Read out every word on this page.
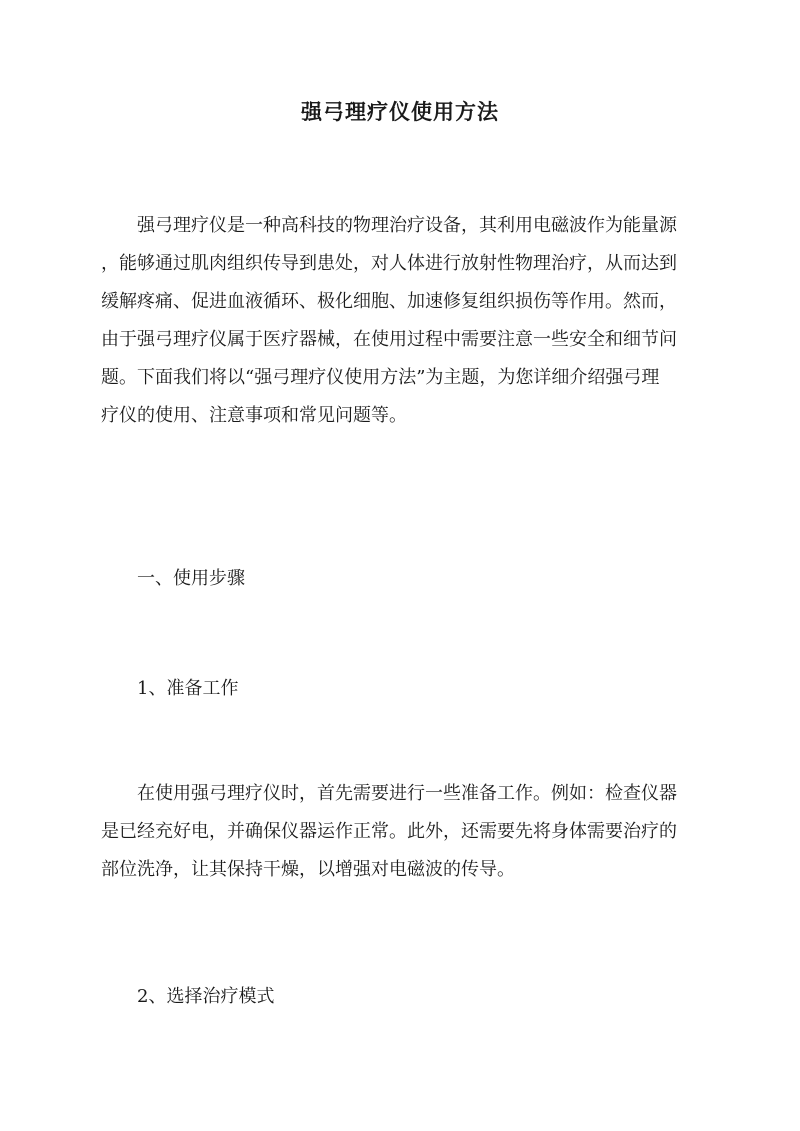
强弓理疗仪使用方法
强弓理疗仪是一种高科技的物理治疗设备，其利用电磁波作为能量源
，能够通过肌肉组织传导到患处，对人体进行放射性物理治疗，从而达到
缓解疼痛、促进血液循环、极化细胞、加速修复组织损伤等作用。然而，
由于强弓理疗仪属于医疗器械，在使用过程中需要注意一些安全和细节问
题。下面我们将以“强弓理疗仪使用方法”为主题，为您详细介绍强弓理
疗仪的使用、注意事项和常见问题等。
一、使用步骤
1、准备工作
在使用强弓理疗仪时，首先需要进行一些准备工作。例如：检查仪器
是已经充好电，并确保仪器运作正常。此外，还需要先将身体需要治疗的
部位洗净，让其保持干燥，以增强对电磁波的传导。
2、选择治疗模式
